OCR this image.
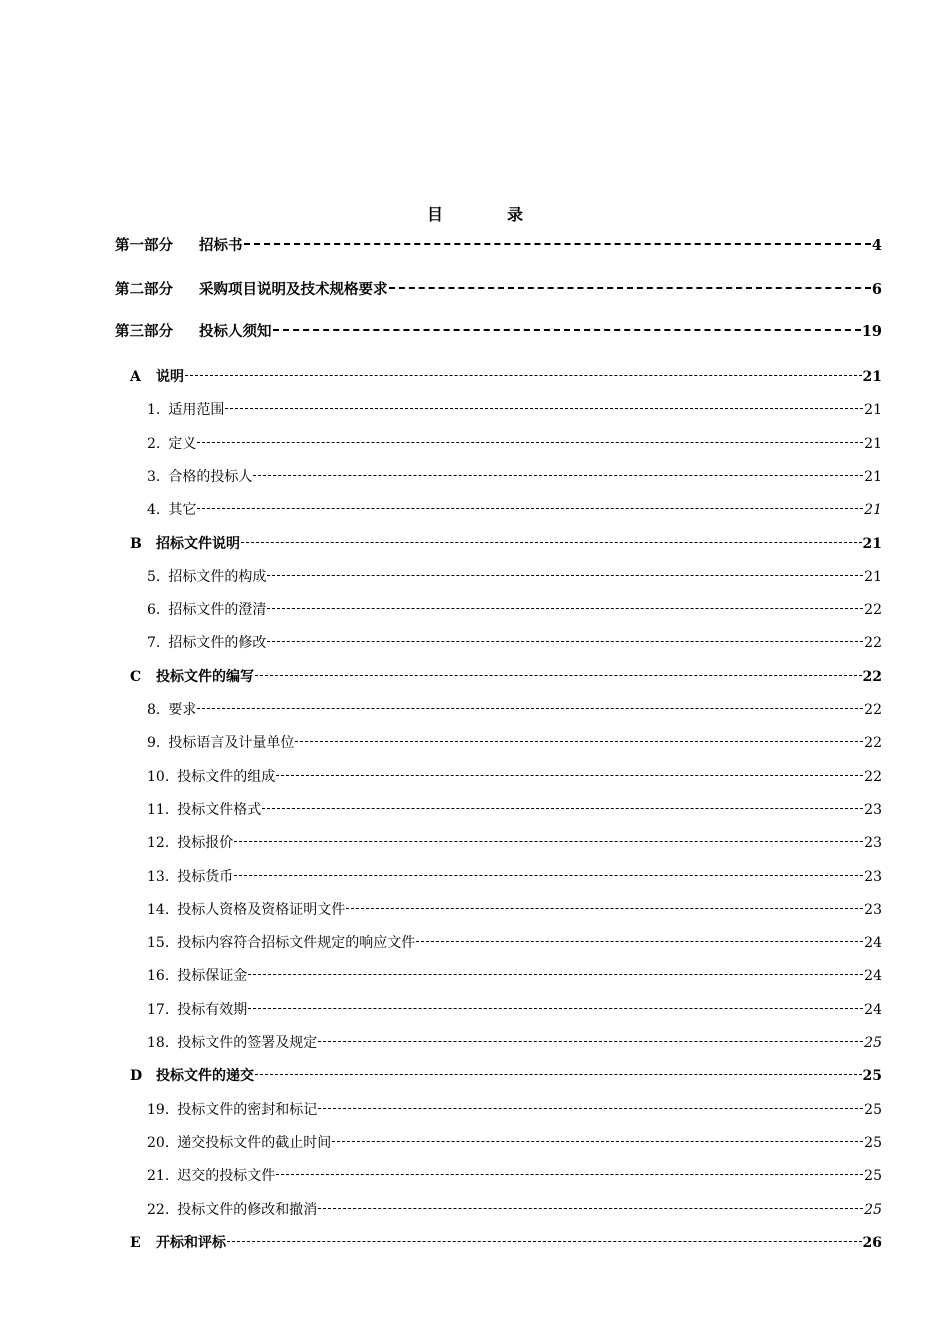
目	录
第一部分 招标书	4
第二部分 采购项目说明及技术规格要求	6
第三部分 投标人须知	19
A 说明	21
1. 适用范围	21
2. 定义	21
3. 合格的投标人	21
4. 其它	21
B 招标文件说明	21
5. 招标文件的构成	21
6. 招标文件的澄清	22
7. 招标文件的修改	22
C 投标文件的编写	22
8. 要求	22
9. 投标语言及计量单位	22
10. 投标文件的组成	22
11. 投标文件格式	23
12. 投标报价	23
13. 投标货币	23
14. 投标人资格及资格证明文件	23
15. 投标内容符合招标文件规定的响应文件	24
16. 投标保证金	24
17. 投标有效期	24
18. 投标文件的签署及规定	25
D 投标文件的递交	25
19. 投标文件的密封和标记	25
20. 递交投标文件的截止时间	25
21. 迟交的投标文件	25
22. 投标文件的修改和撤消	25
E 开标和评标	26
